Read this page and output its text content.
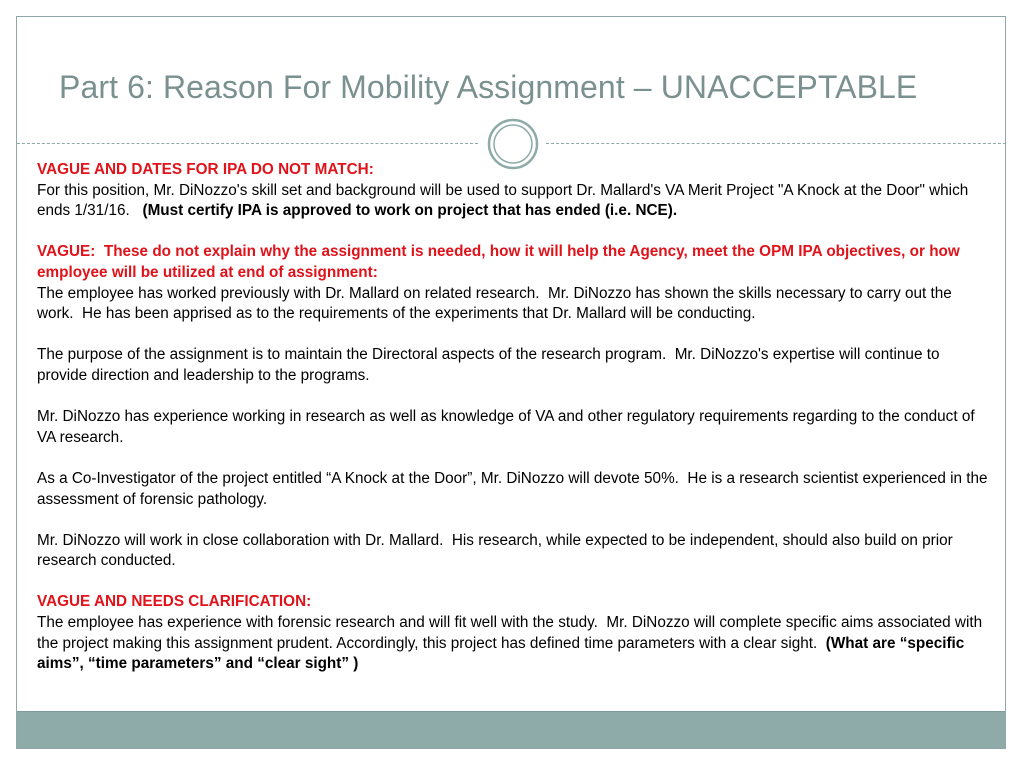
Part 6: Reason For Mobility Assignment – UNACCEPTABLE
VAGUE AND DATES FOR IPA DO NOT MATCH:
For this position, Mr. DiNozzo's skill set and background will be used to support Dr. Mallard's VA Merit Project "A Knock at the Door" which ends 1/31/16.   (Must certify IPA is approved to work on project that has ended (i.e. NCE).
VAGUE:  These do not explain why the assignment is needed, how it will help the Agency, meet the OPM IPA objectives, or how employee will be utilized at end of assignment:
The employee has worked previously with Dr. Mallard on related research.  Mr. DiNozzo has shown the skills necessary to carry out the work.  He has been apprised as to the requirements of the experiments that Dr. Mallard will be conducting.
The purpose of the assignment is to maintain the Directoral aspects of the research program.  Mr. DiNozzo's expertise will continue to provide direction and leadership to the programs.
Mr. DiNozzo has experience working in research as well as knowledge of VA and other regulatory requirements regarding to the conduct of VA research.
As a Co-Investigator of the project entitled “A Knock at the Door”, Mr. DiNozzo will devote 50%.  He is a research scientist experienced in the assessment of forensic pathology.
Mr. DiNozzo will work in close collaboration with Dr. Mallard.  His research, while expected to be independent, should also build on prior research conducted.
VAGUE AND NEEDS CLARIFICATION:
The employee has experience with forensic research and will fit well with the study.  Mr. DiNozzo will complete specific aims associated with the project making this assignment prudent. Accordingly, this project has defined time parameters with a clear sight.  (What are “specific aims”, “time parameters” and “clear sight” )
